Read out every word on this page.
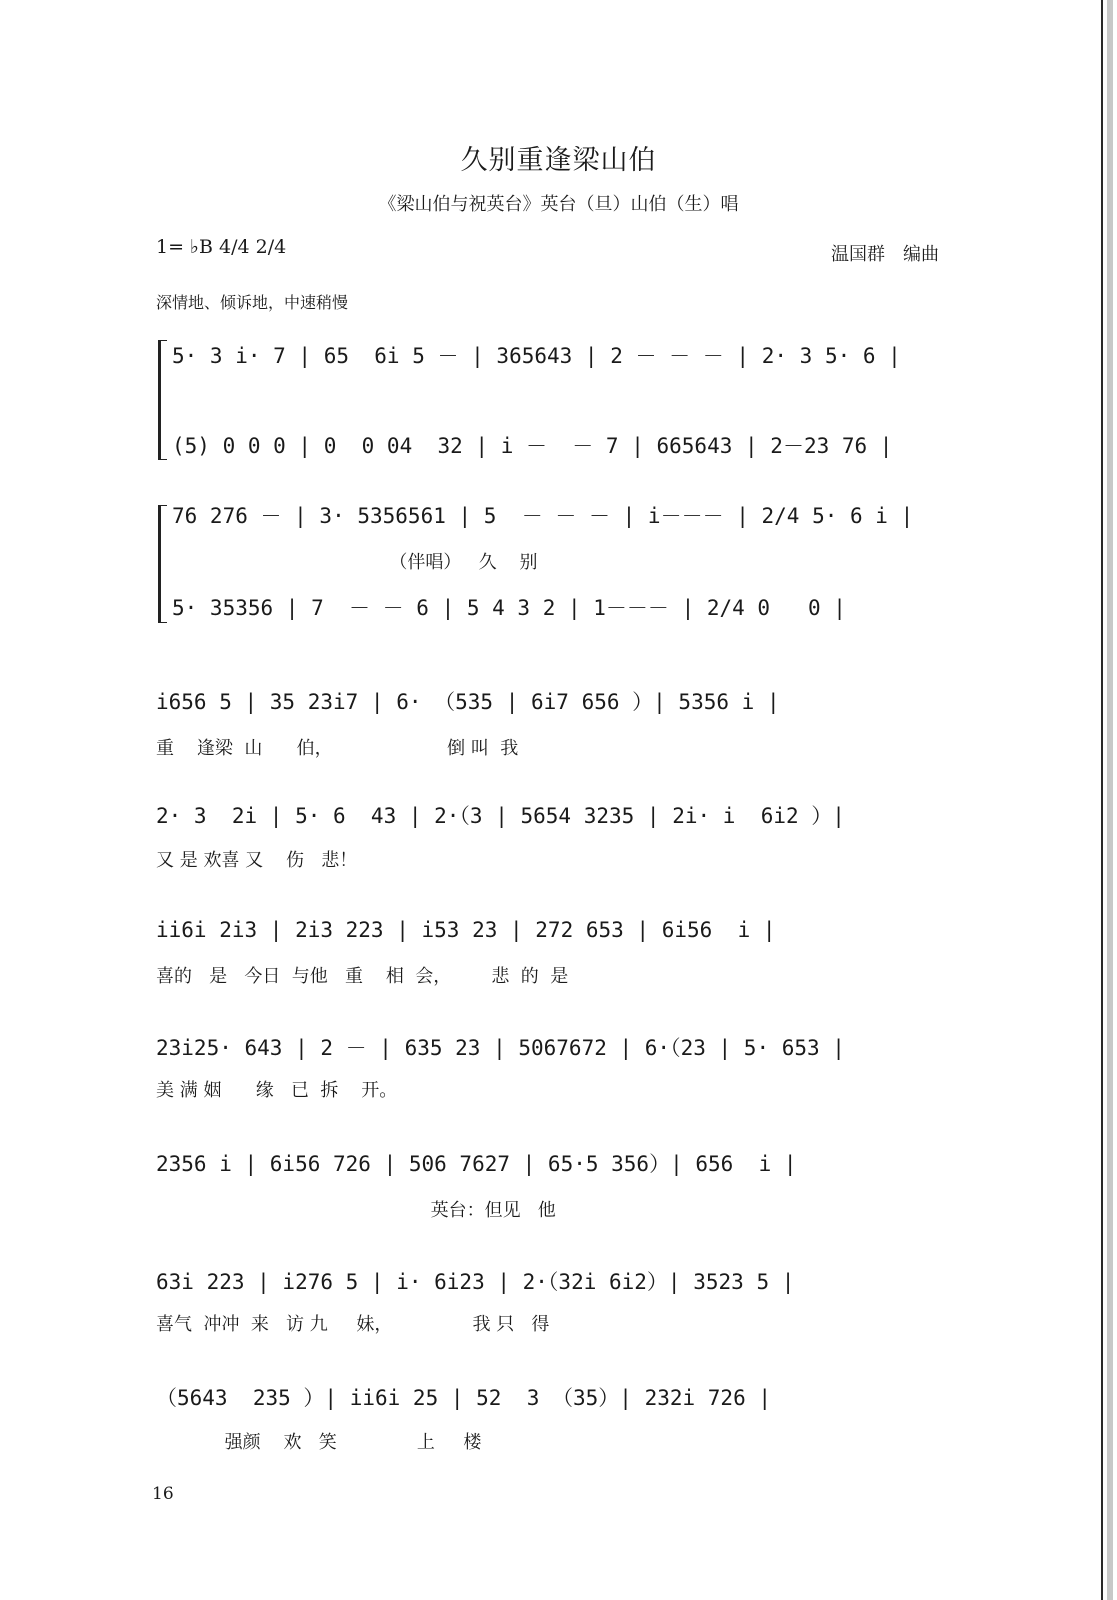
久别重逢梁山伯
《梁山伯与祝英台》英台（旦）山伯（生）唱
1= ♭B 4/4 2/4	温国群　编曲
深情地、倾诉地，中速稍慢
5· 3 i· 7 | 65  6i 5 － | 365643 | 2 － － － | 2· 3 5· 6 |
(5) 0 0 0 | 0  0 04  32 | i －  － 7 | 665643 | 2－23 76 |
76 276 － | 3· 5356561 | 5  － － － | i－－－ | 2/4 5· 6 i |
（伴唱）   久    别
5· 35356 | 7  － － 6 | 5 4 3 2 | 1－－－ | 2/4 0   0 |
i656 5 | 35 23i7 | 6· （535 | 6i7 656 ）| 5356 i |
重    逢梁  山      伯，                    倒 叫  我
2· 3  2i | 5· 6  43 | 2·（3 | 5654 3235 | 2i· i  6i2 ）|
又 是 欢喜 又    伤   悲！
ii6i 2i3 | 2i3 223 | i53 23 | 272 653 | 6i56  i |
喜的   是   今日  与他   重    相  会，       悲  的  是
23i25· 643 | 2 － | 635 23 | 5067672 | 6·（23 | 5· 653 |
美 满 姻      缘   已  拆    开。
2356 i | 6i56 726 | 506 7627 | 65·5 356）| 656  i |
英台：但见   他
63i 223 | i276 5 | i· 6i23 | 2·（32i 6i2）| 3523 5 |
喜气  冲冲  来   访 九     妹，              我 只   得
（5643  235 ）| ii6i 25 | 52  3 （35）| 232i 726 |
强颜    欢   笑              上     楼
16
